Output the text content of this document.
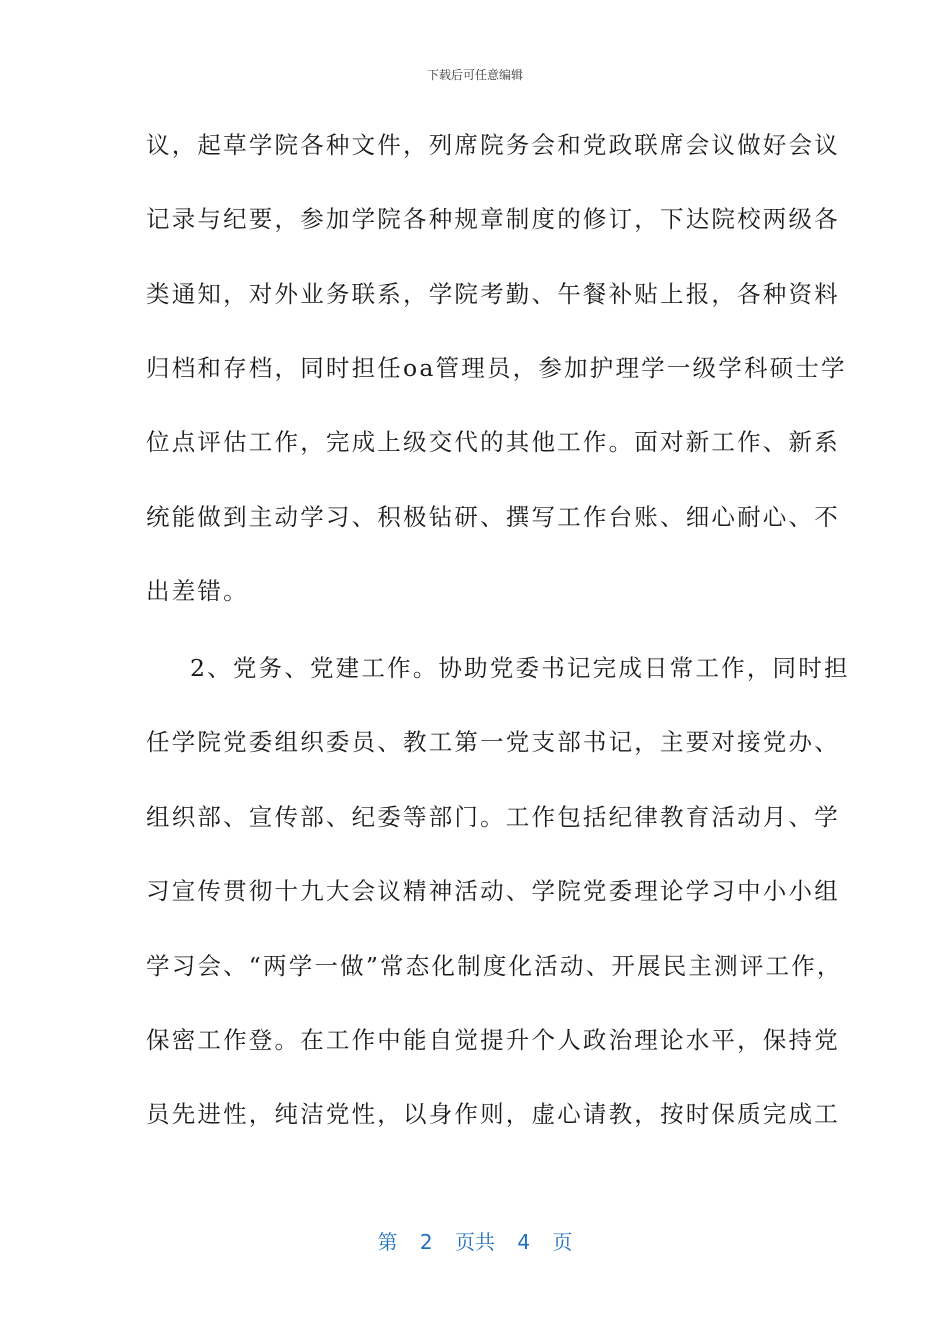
下载后可任意编辑
议，起草学院各种文件，列席院务会和党政联席会议做好会议
记录与纪要，参加学院各种规章制度的修订，下达院校两级各
类通知，对外业务联系，学院考勤、午餐补贴上报，各种资料
归档和存档，同时担任oa管理员，参加护理学一级学科硕士学
位点评估工作，完成上级交代的其他工作。面对新工作、新系
统能做到主动学习、积极钻研、撰写工作台账、细心耐心、不
出差错。
2、党务、党建工作。协助党委书记完成日常工作，同时担
任学院党委组织委员、教工第一党支部书记，主要对接党办、
组织部、宣传部、纪委等部门。工作包括纪律教育活动月、学
习宣传贯彻十九大会议精神活动、学院党委理论学习中小小组
学习会、“两学一做”常态化制度化活动、开展民主测评工作，
保密工作登。在工作中能自觉提升个人政治理论水平，保持党
员先进性，纯洁党性，以身作则，虚心请教，按时保质完成工
第 2 页共 4 页
